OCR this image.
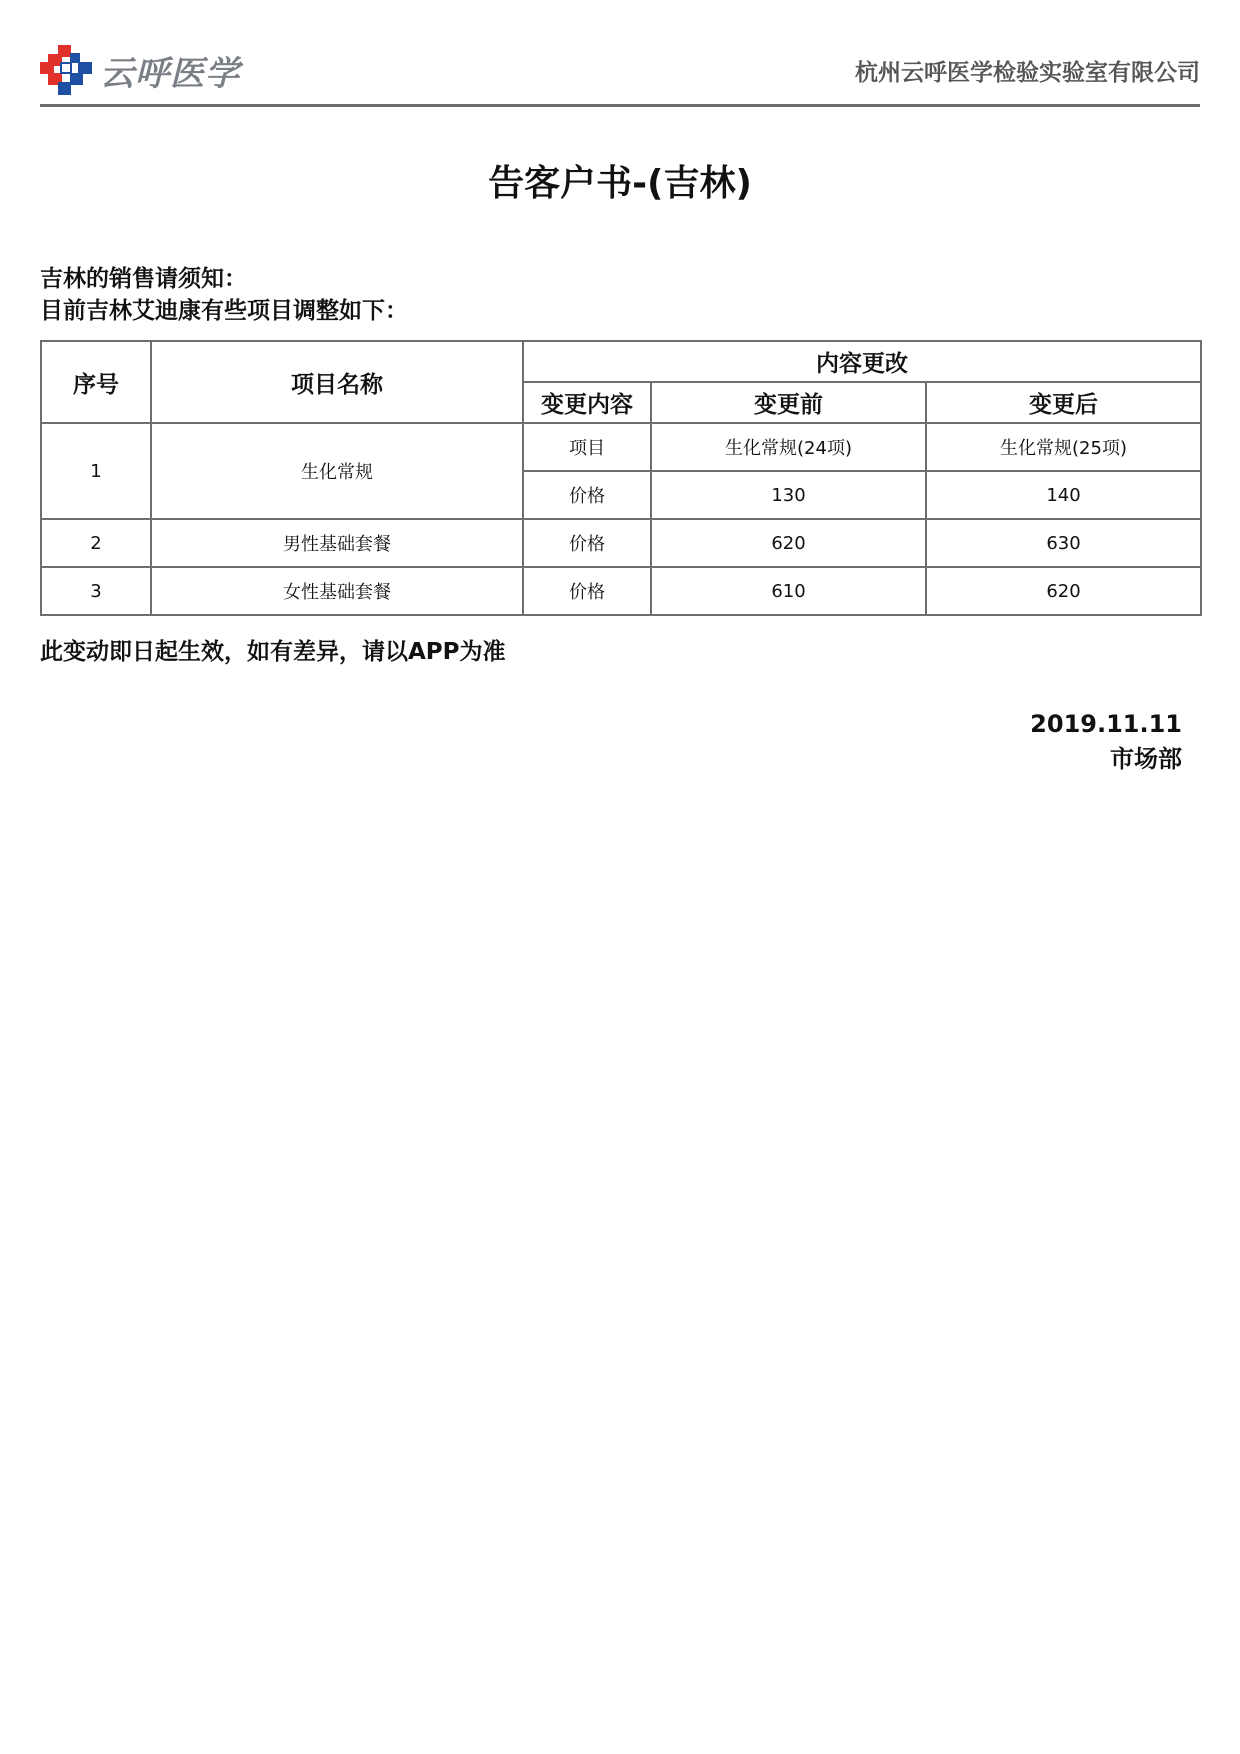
云呼医学	杭州云呼医学检验实验室有限公司
告客户书-(吉林)
吉林的销售请须知：
目前吉林艾迪康有些项目调整如下：
序号	项目名称	内容更改		
		变更内容	变更前	变更后
1	生化常规	项目	生化常规(24项)	生化常规(25项)
		价格	130	140
2	男性基础套餐	价格	620	630
3	女性基础套餐	价格	610	620
此变动即日起生效，如有差异，请以APP为准
2019.11.11
市场部
